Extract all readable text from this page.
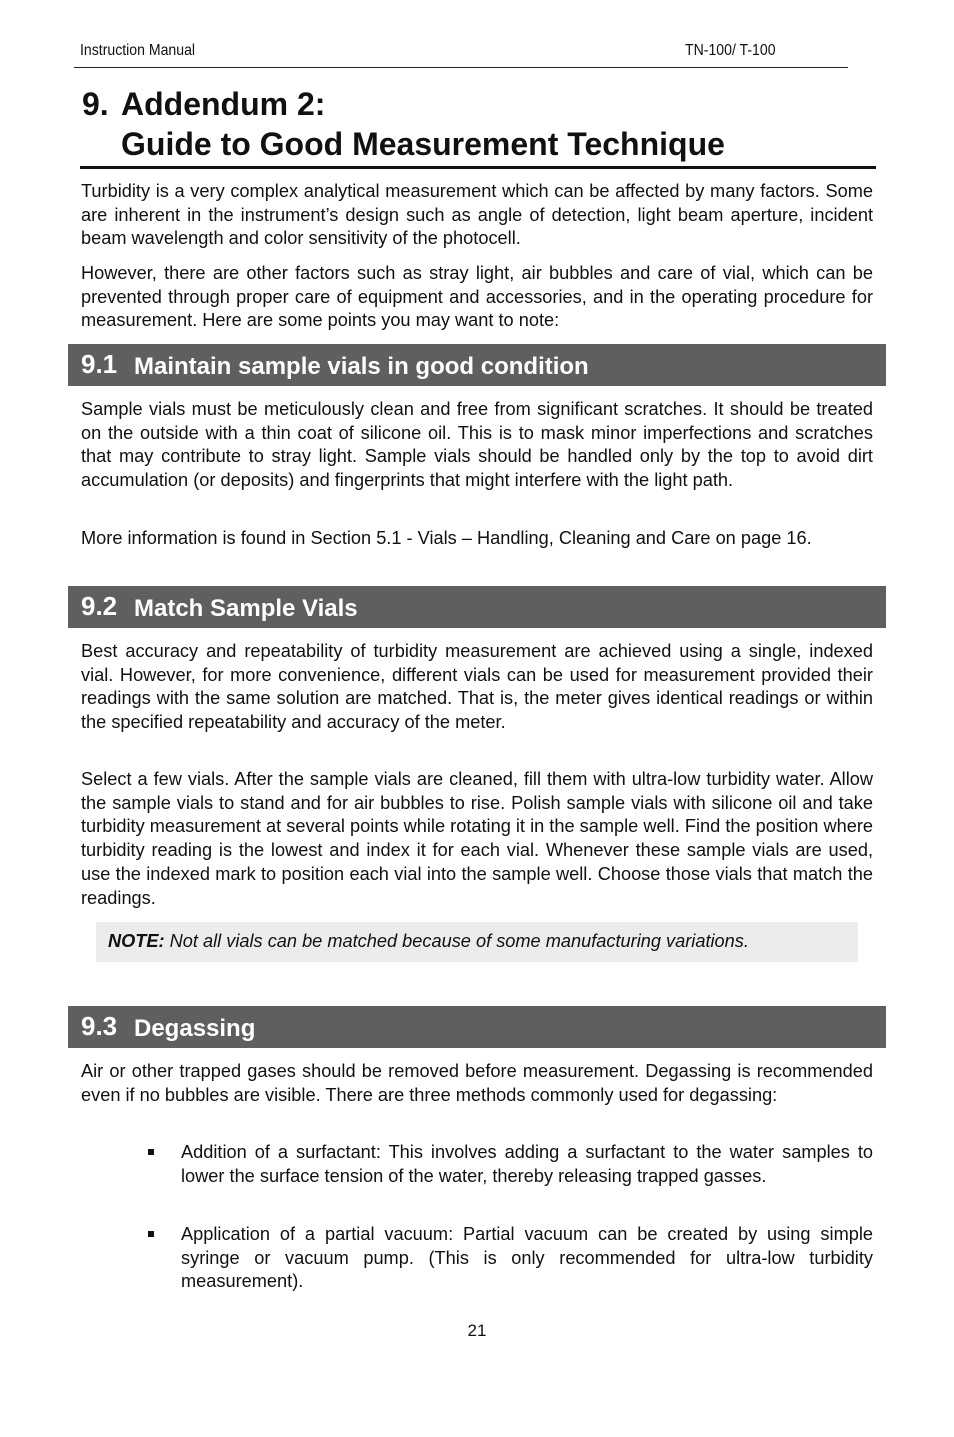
Instruction Manual	TN-100/ T-100
9. Addendum 2:
Guide to Good Measurement Technique

Turbidity is a very complex analytical measurement which can be affected by many factors. Some are inherent in the instrument’s design such as angle of detection, light beam aperture, incident beam wavelength and color sensitivity of the photocell.

However, there are other factors such as stray light, air bubbles and care of vial, which can be prevented through proper care of equipment and accessories, and in the operating procedure for measurement. Here are some points you may want to note:

9.1 Maintain sample vials in good condition

Sample vials must be meticulously clean and free from significant scratches. It should be treated on the outside with a thin coat of silicone oil. This is to mask minor imperfections and scratches that may contribute to stray light. Sample vials should be handled only by the top to avoid dirt accumulation (or deposits) and fingerprints that might interfere with the light path.

More information is found in Section 5.1 - Vials – Handling, Cleaning and Care on page 16.

9.2 Match Sample Vials

Best accuracy and repeatability of turbidity measurement are achieved using a single, indexed vial. However, for more convenience, different vials can be used for measurement provided their readings with the same solution are matched. That is, the meter gives identical readings or within the specified repeatability and accuracy of the meter.

Select a few vials. After the sample vials are cleaned, fill them with ultra-low turbidity water. Allow the sample vials to stand and for air bubbles to rise. Polish sample vials with silicone oil and take turbidity measurement at several points while rotating it in the sample well. Find the position where turbidity reading is the lowest and index it for each vial. Whenever these sample vials are used, use the indexed mark to position each vial into the sample well. Choose those vials that match the readings.

NOTE: Not all vials can be matched because of some manufacturing variations.
9.3 Degassing

Air or other trapped gases should be removed before measurement. Degassing is recommended even if no bubbles are visible. There are three methods commonly used for degassing:

Addition of a surfactant: This involves adding a surfactant to the water samples to lower the surface tension of the water, thereby releasing trapped gasses.

Application of a partial vacuum: Partial vacuum can be created by using simple syringe or vacuum pump. (This is only recommended for ultra-low turbidity measurement).

21
